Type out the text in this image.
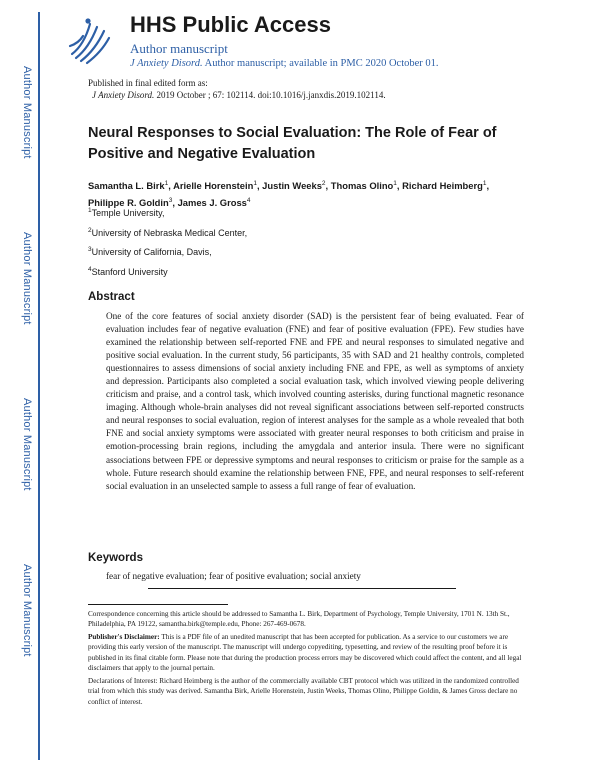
Author Manuscript
Author Manuscript
Author Manuscript
Author Manuscript
HHS Public Access
Author manuscript
J Anxiety Disord. Author manuscript; available in PMC 2020 October 01.
Published in final edited form as:
J Anxiety Disord. 2019 October ; 67: 102114. doi:10.1016/j.janxdis.2019.102114.
Neural Responses to Social Evaluation: The Role of Fear of Positive and Negative Evaluation
Samantha L. Birk$^1$, Arielle Horenstein$^1$, Justin Weeks$^2$, Thomas Olino$^1$, Richard Heimberg$^1$,
Philippe R. Goldin$^3$, James J. Gross$^4$
$^1$Temple University,
$^2$University of Nebraska Medical Center,
$^3$University of California, Davis,
$^4$Stanford University
Abstract
One of the core features of social anxiety disorder (SAD) is the persistent fear of being evaluated. Fear of evaluation includes fear of negative evaluation (FNE) and fear of positive evaluation (FPE). Few studies have examined the relationship between self-reported FNE and FPE and neural responses to simulated negative and positive social evaluation. In the current study, 56 participants, 35 with SAD and 21 healthy controls, completed questionnaires to assess dimensions of social anxiety including FNE and FPE, as well as symptoms of anxiety and depression. Participants also completed a social evaluation task, which involved viewing people delivering criticism and praise, and a control task, which involved counting asterisks, during functional magnetic resonance imaging. Although whole-brain analyses did not reveal significant associations between self-reported constructs and neural responses to social evaluation, region of interest analyses for the sample as a whole revealed that both FNE and social anxiety symptoms were associated with greater neural responses to both criticism and praise in emotion-processing brain regions, including the amygdala and anterior insula. There were no significant associations between FPE or depressive symptoms and neural responses to criticism or praise for the sample as a whole. Future research should examine the relationship between FNE, FPE, and neural responses to self-referent social evaluation in an unselected sample to assess a full range of fear of evaluation.
Keywords
fear of negative evaluation; fear of positive evaluation; social anxiety
Correspondence concerning this article should be addressed to Samantha L. Birk, Department of Psychology, Temple University, 1701 N. 13th St., Philadelphia, PA 19122, samantha.birk@temple.edu, Phone: 267-469-0678.
Publisher's Disclaimer: This is a PDF file of an unedited manuscript that has been accepted for publication. As a service to our customers we are providing this early version of the manuscript. The manuscript will undergo copyediting, typesetting, and review of the resulting proof before it is published in its final citable form. Please note that during the production process errors may be discovered which could affect the content, and all legal disclaimers that apply to the journal pertain.
Declarations of Interest: Richard Heimberg is the author of the commercially available CBT protocol which was utilized in the randomized controlled trial from which this study was derived. Samantha Birk, Arielle Horenstein, Justin Weeks, Thomas Olino, Philippe Goldin, & James Gross declare no conflict of interest.
